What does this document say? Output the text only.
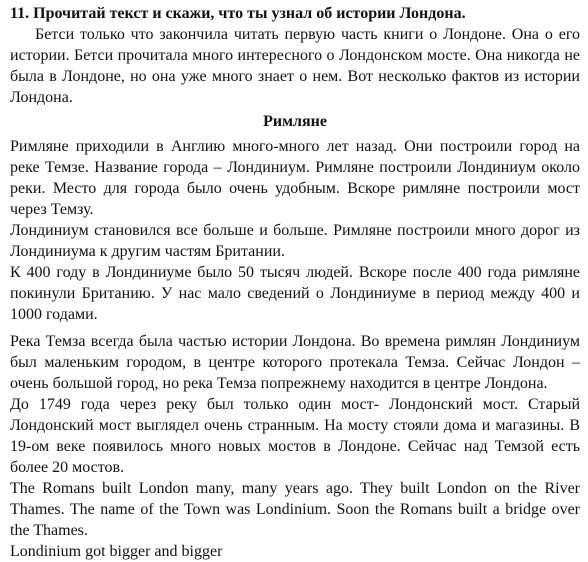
11. Прочитай текст и скажи, что ты узнал об истории Лондона.

Бетси только что закончила читать первую часть книги о Лондоне. Она о его истории. Бетси прочитала много интересного о Лондонском мосте. Она никогда не была в Лондоне, но она уже много знает о нем. Вот несколько фактов из истории Лондона.

Римляне

Римляне приходили в Англию много-много лет назад. Они построили город на реке Темзе. Название города – Лондиниум. Римляне построили Лондиниум около реки. Место для города было очень удобным. Вскоре римляне построили мост через Темзу.

Лондиниум становился все больше и больше. Римляне построили много дорог из Лондиниума к другим частям Британии.

К 400 году в Лондиниуме было 50 тысяч людей. Вскоре после 400 года римляне покинули Британию. У нас мало сведений о Лондиниуме в период между 400 и 1000 годами.

Река Темза всегда была частью истории Лондона. Во времена римлян Лондиниум был маленьким городом, в центре которого протекала Темза. Сейчас Лондон – очень большой город, но река Темза попрежнему находится в центре Лондона.

До 1749 года через реку был только один мост- Лондонский мост. Старый Лондонский мост выглядел очень странным. На мосту стояли дома и магазины. В 19-ом веке появилось много новых мостов в Лондоне. Сейчас над Темзой есть более 20 мостов.

The Romans built London many, many years ago. They built London on the River Thames. The name of the Town was Londinium. Soon the Romans built a bridge over the Thames.

Londinium got bigger and bigger
